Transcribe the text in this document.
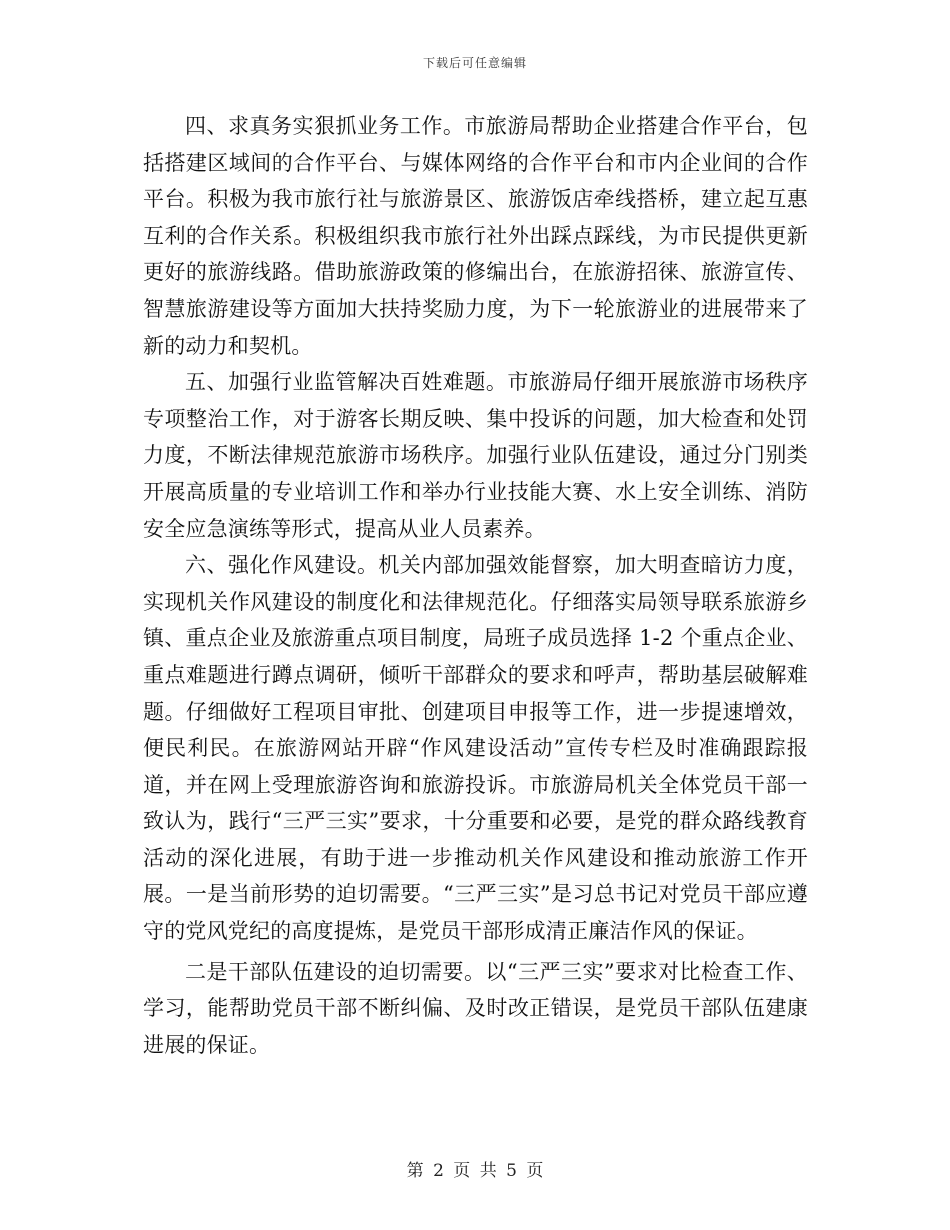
下载后可任意编辑

四、求真务实狠抓业务工作。市旅游局帮助企业搭建合作平台，包括搭建区域间的合作平台、与媒体网络的合作平台和市内企业间的合作平台。积极为我市旅行社与旅游景区、旅游饭店牵线搭桥，建立起互惠互利的合作关系。积极组织我市旅行社外出踩点踩线，为市民提供更新更好的旅游线路。借助旅游政策的修编出台，在旅游招徕、旅游宣传、智慧旅游建设等方面加大扶持奖励力度，为下一轮旅游业的进展带来了新的动力和契机。

五、加强行业监管解决百姓难题。市旅游局仔细开展旅游市场秩序专项整治工作，对于游客长期反映、集中投诉的问题，加大检查和处罚力度，不断法律规范旅游市场秩序。加强行业队伍建设，通过分门别类开展高质量的专业培训工作和举办行业技能大赛、水上安全训练、消防安全应急演练等形式，提高从业人员素养。

六、强化作风建设。机关内部加强效能督察，加大明查暗访力度，实现机关作风建设的制度化和法律规范化。仔细落实局领导联系旅游乡镇、重点企业及旅游重点项目制度，局班子成员选择 1-2 个重点企业、重点难题进行蹲点调研，倾听干部群众的要求和呼声，帮助基层破解难题。仔细做好工程项目审批、创建项目申报等工作，进一步提速增效，便民利民。在旅游网站开辟“作风建设活动”宣传专栏及时准确跟踪报道，并在网上受理旅游咨询和旅游投诉。市旅游局机关全体党员干部一致认为，践行“三严三实”要求，十分重要和必要，是党的群众路线教育活动的深化进展，有助于进一步推动机关作风建设和推动旅游工作开展。一是当前形势的迫切需要。“三严三实”是习总书记对党员干部应遵守的党风党纪的高度提炼，是党员干部形成清正廉洁作风的保证。

二是干部队伍建设的迫切需要。以“三严三实”要求对比检查工作、学习，能帮助党员干部不断纠偏、及时改正错误，是党员干部队伍建康进展的保证。

第 2 页 共 5 页
